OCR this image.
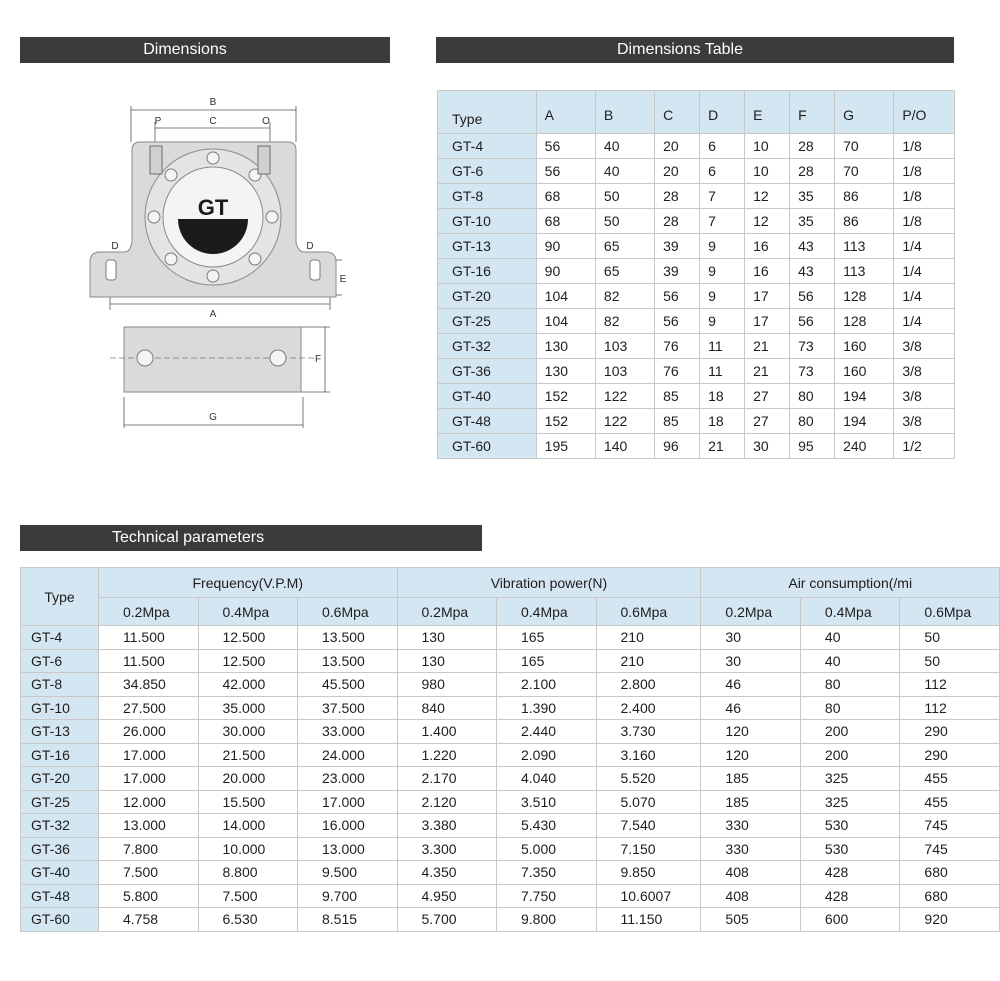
Dimensions	Dimensions Table
Technical parameters
GT
B
P	C	O
D	D
E
A
F
G
Type	A	B	C	D	E	F	G	P/O
GT-4	56	40	20	6	10	28	70	1/8
GT-6	56	40	20	6	10	28	70	1/8
GT-8	68	50	28	7	12	35	86	1/8
GT-10	68	50	28	7	12	35	86	1/8
GT-13	90	65	39	9	16	43	113	1/4
GT-16	90	65	39	9	16	43	113	1/4
GT-20	104	82	56	9	17	56	128	1/4
GT-25	104	82	56	9	17	56	128	1/4
GT-32	130	103	76	11	21	73	160	3/8
GT-36	130	103	76	11	21	73	160	3/8
GT-40	152	122	85	18	27	80	194	3/8
GT-48	152	122	85	18	27	80	194	3/8
GT-60	195	140	96	21	30	95	240	1/2
Type	Frequency(V.P.M)			Vibration power(N)			Air consumption(/mi		
	0.2Mpa	0.4Mpa	0.6Mpa	0.2Mpa	0.4Mpa	0.6Mpa	0.2Mpa	0.4Mpa	0.6Mpa
GT-4	11.500	12.500	13.500	130	165	210	30	40	50
GT-6	11.500	12.500	13.500	130	165	210	30	40	50
GT-8	34.850	42.000	45.500	980	2.100	2.800	46	80	112
GT-10	27.500	35.000	37.500	840	1.390	2.400	46	80	112
GT-13	26.000	30.000	33.000	1.400	2.440	3.730	120	200	290
GT-16	17.000	21.500	24.000	1.220	2.090	3.160	120	200	290
GT-20	17.000	20.000	23.000	2.170	4.040	5.520	185	325	455
GT-25	12.000	15.500	17.000	2.120	3.510	5.070	185	325	455
GT-32	13.000	14.000	16.000	3.380	5.430	7.540	330	530	745
GT-36	7.800	10.000	13.000	3.300	5.000	7.150	330	530	745
GT-40	7.500	8.800	9.500	4.350	7.350	9.850	408	428	680
GT-48	5.800	7.500	9.700	4.950	7.750	10.6007	408	428	680
GT-60	4.758	6.530	8.515	5.700	9.800	11.150	505	600	920
